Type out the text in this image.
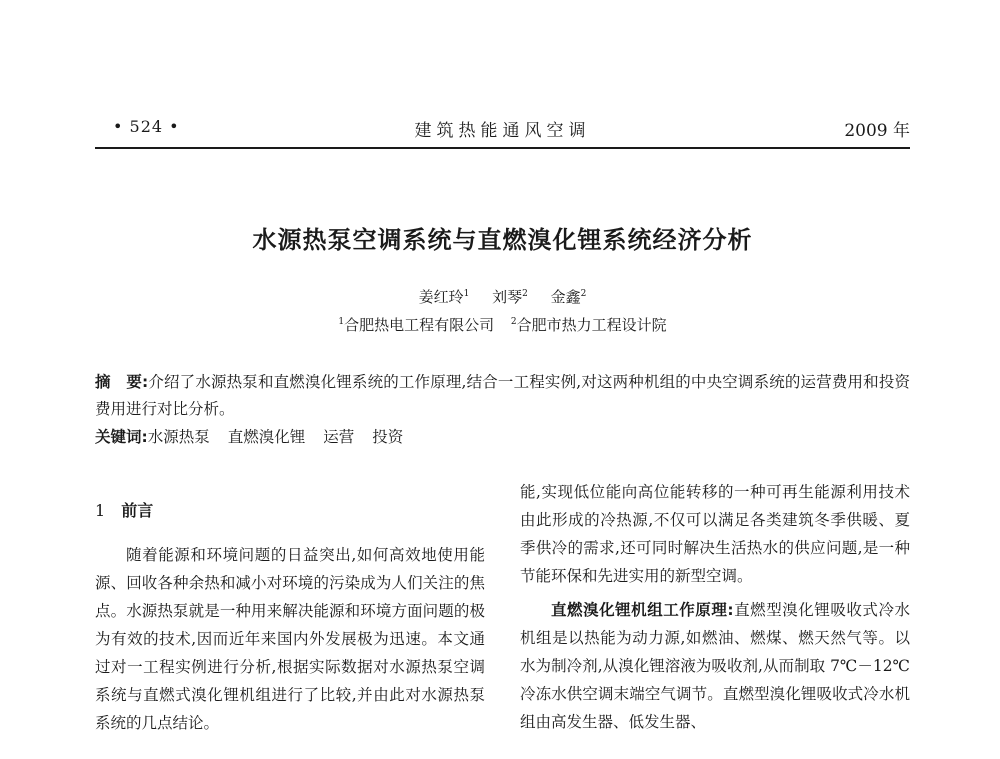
• 524 •	建筑热能通风空调	2009 年
水源热泵空调系统与直燃溴化锂系统经济分析
姜红玲$^1$ 刘琴$^2$ 金鑫$^2$
$^1$合肥热电工程有限公司 $^2$合肥市热力工程设计院
摘　要:介绍了水源热泵和直燃溴化锂系统的工作原理,结合一工程实例,对这两种机组的中央空调系统的运营费用和投资费用进行对比分析。
关键词:水源热泵 直燃溴化锂 运营 投资
1 前言

随着能源和环境问题的日益突出,如何高效地使用能源、回收各种余热和减小对环境的污染成为人们关注的焦点。水源热泵就是一种用来解决能源和环境方面问题的极为有效的技术,因而近年来国内外发展极为迅速。本文通过对一工程实例进行分析,根据实际数据对水源热泵空调系统与直燃式溴化锂机组进行了比较,并由此对水源热泵系统的几点结论。

能,实现低位能向高位能转移的一种可再生能源利用技术由此形成的冷热源,不仅可以满足各类建筑冬季供暖、夏季供冷的需求,还可同时解决生活热水的供应问题,是一种节能环保和先进实用的新型空调。

直燃溴化锂机组工作原理:直燃型溴化锂吸收式冷水机组是以热能为动力源,如燃油、燃煤、燃天然气等。以水为制冷剂,从溴化锂溶液为吸收剂,从而制取 7℃－12℃冷冻水供空调末端空气调节。直燃型溴化锂吸收式冷水机组由高发生器、低发生器、
